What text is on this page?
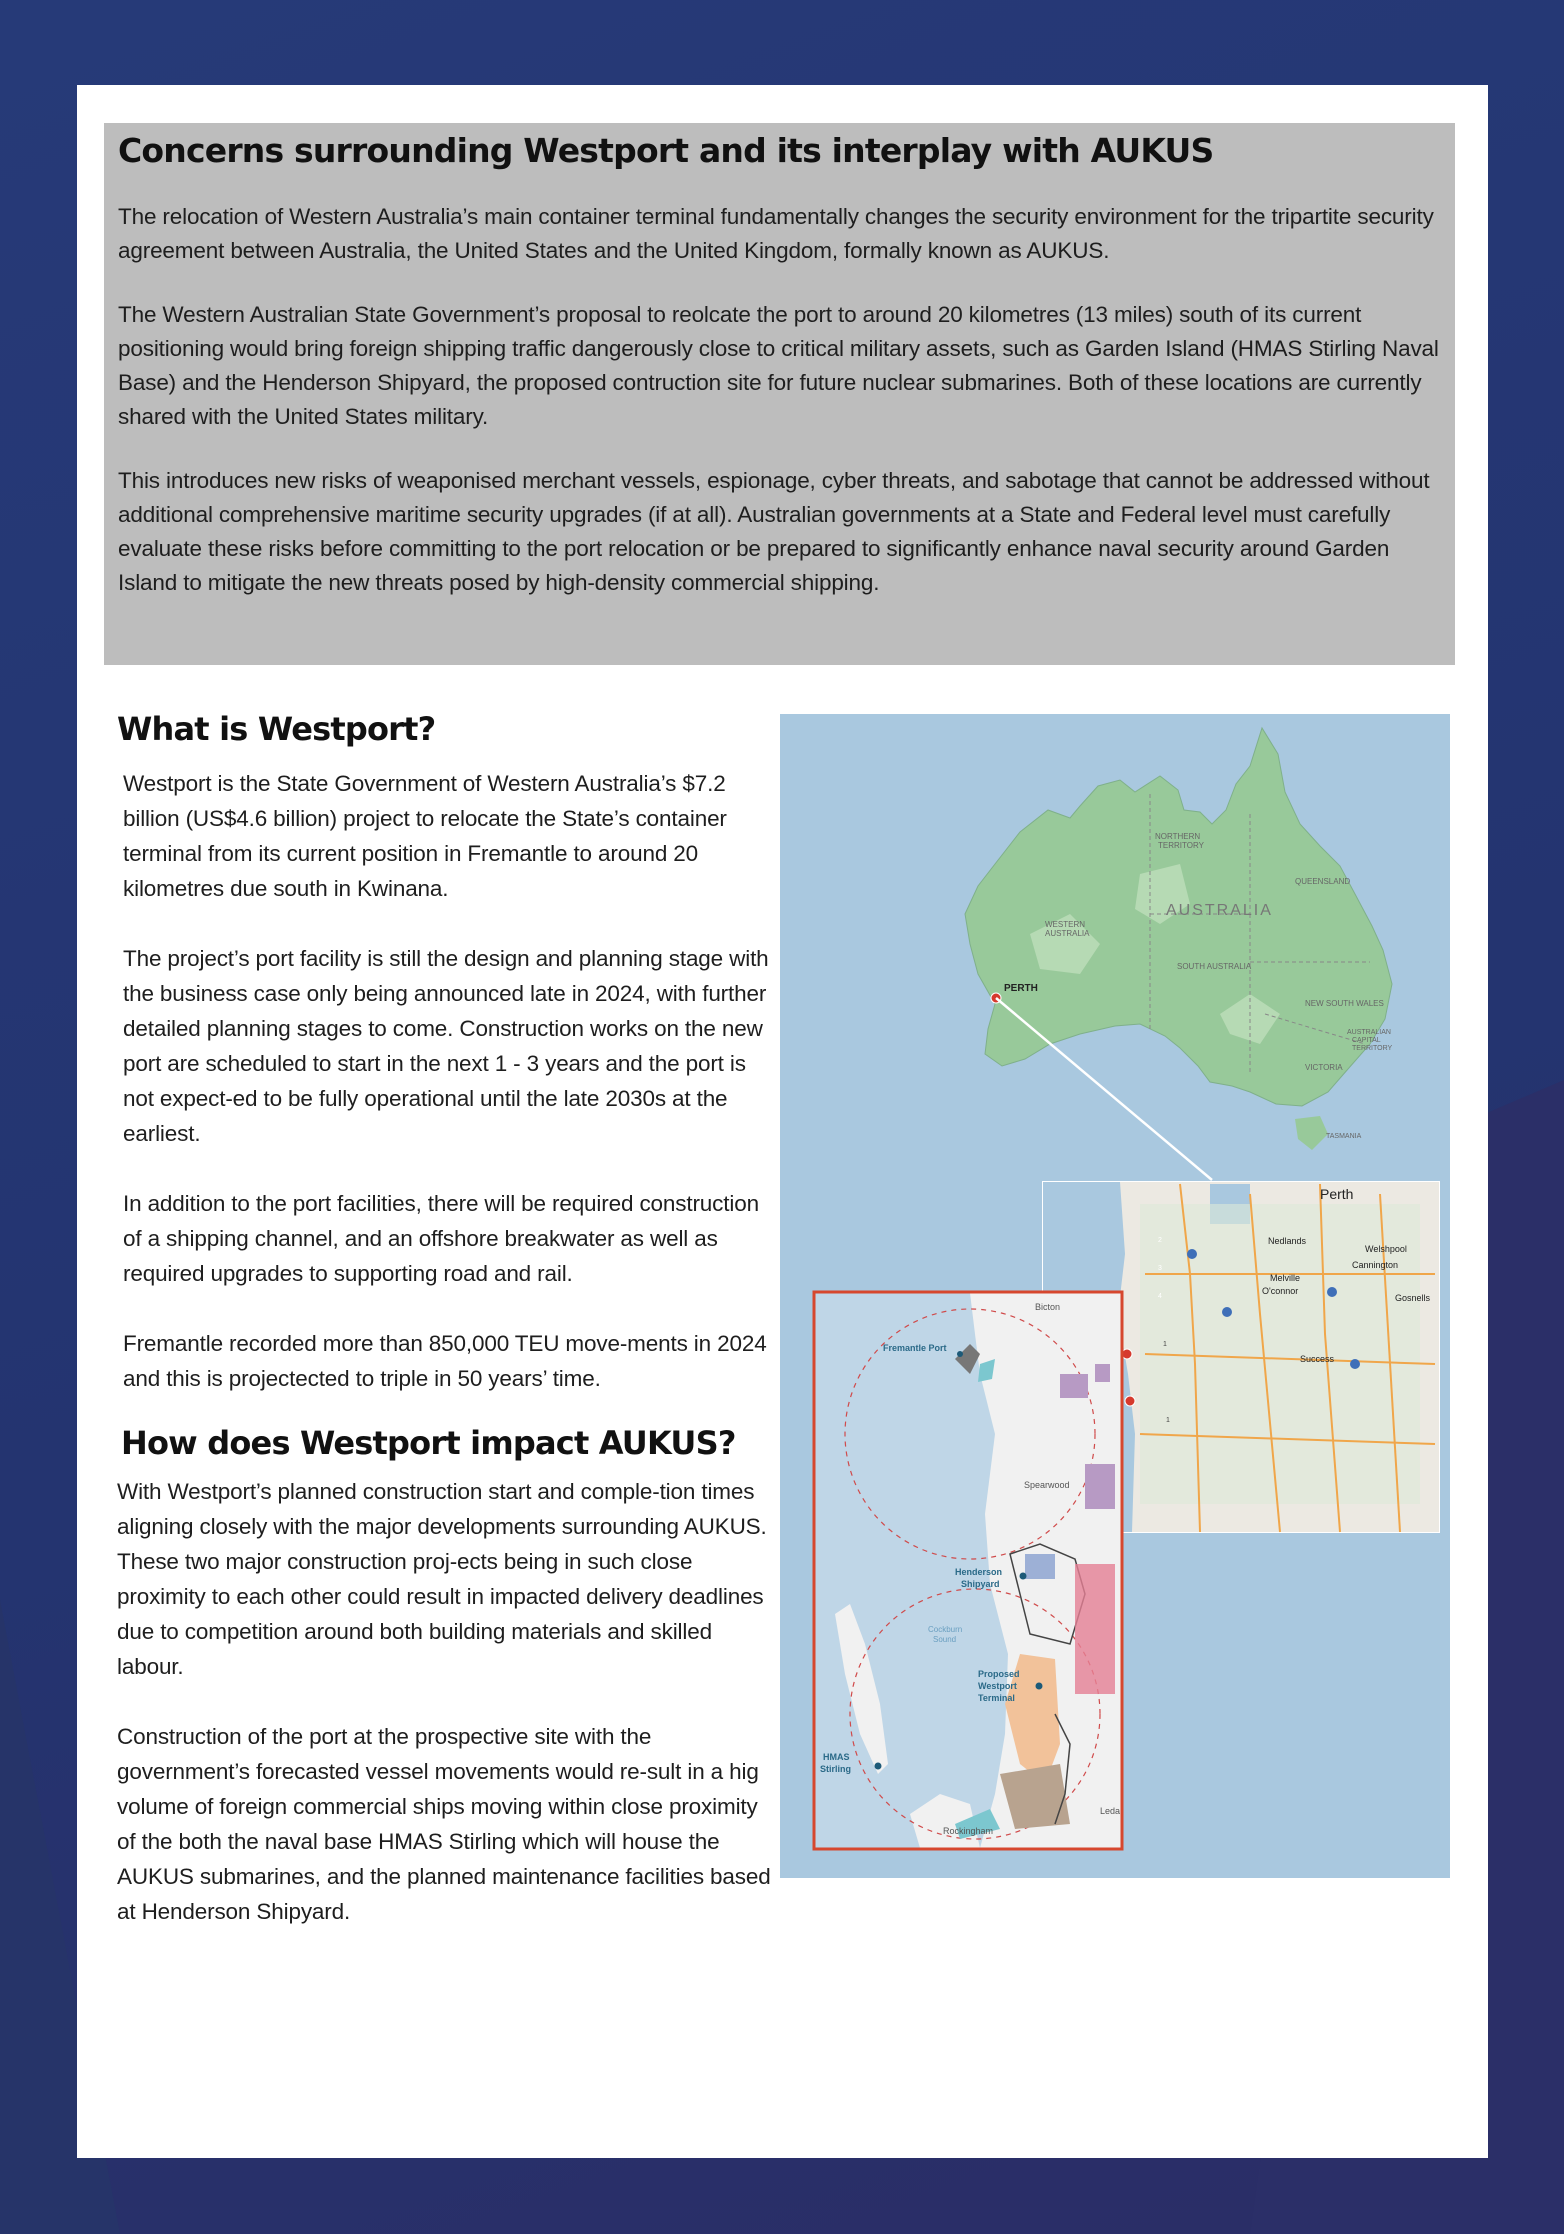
Concerns surrounding Westport and its interplay with AUKUS

The relocation of Western Australia’s main container terminal fundamentally changes the security environment for the tripartite security agreement between Australia, the United States and the United Kingdom, formally known as AUKUS.

The Western Australian State Government’s proposal to reolcate the port to around 20 kilometres (13 miles) south of its current positioning would bring foreign shipping traffic dangerously close to critical military assets, such as Garden Island (HMAS Stirling Naval Base) and the Henderson Shipyard, the proposed contruction site for future nuclear submarines. Both of these locations are currently shared with the United States military.

This introduces new risks of weaponised merchant vessels, espionage, cyber threats, and sabotage that cannot be addressed without additional comprehensive maritime security upgrades (if at all). Australian governments at a State and Federal level must carefully evaluate these risks before committing to the port relocation or be prepared to significantly enhance naval security around Garden Island to mitigate the new threats posed by high-density commercial shipping.

What is Westport?

Westport is the State Government of Western Australia’s $7.2 billion (US$4.6 billion) project to relocate the State’s container terminal from its current position in Fremantle to around 20 kilometres due south in Kwinana.

The project’s port facility is still the design and planning stage with the business case only being announced late in 2024, with further detailed planning stages to come. Construction works on the new port are scheduled to start in the next 1 - 3 years and the port is not expect-ed to be fully operational until the late 2030s at the earliest.

In addition to the port facilities, there will be required construction of a shipping channel, and an offshore breakwater as well as required upgrades to supporting road and rail.

Fremantle recorded more than 850,000 TEU move-ments in 2024 and this is projectected to triple in 50 years’ time.

How does Westport impact AUKUS?

With Westport’s planned construction start and comple-tion times aligning closely with the major developments surrounding AUKUS. These two major construction proj-ects being in such close proximity to each other could result in impacted delivery deadlines due to competition around both building materials and skilled labour.

Construction of the port at the prospective site with the government’s forecasted vessel movements would re-sult in a hig volume of foreign commercial ships moving within close proximity of the both the naval base HMAS Stirling which will house the AUKUS submarines, and the planned maintenance facilities based at Henderson Shipyard.

NORTHERN
TERRITORY
QUEENSLAND
AUSTRALIA
WESTERN
AUSTRALIA
SOUTH AUSTRALIA
NEW SOUTH WALES
AUSTRALIAN
CAPITAL
TERRITORY
VICTORIA
TASMANIA
PERTH
Perth
Nedlands
Welshpool
Cannington
Melville
O'connor
Gosnells
Success
2
3
4
1
1
Bicton
Fremantle Port
Spearwood
Henderson
Shipyard
Cockburn
Sound
Proposed
Westport
Terminal
HMAS
Stirling
Leda
Rockingham
